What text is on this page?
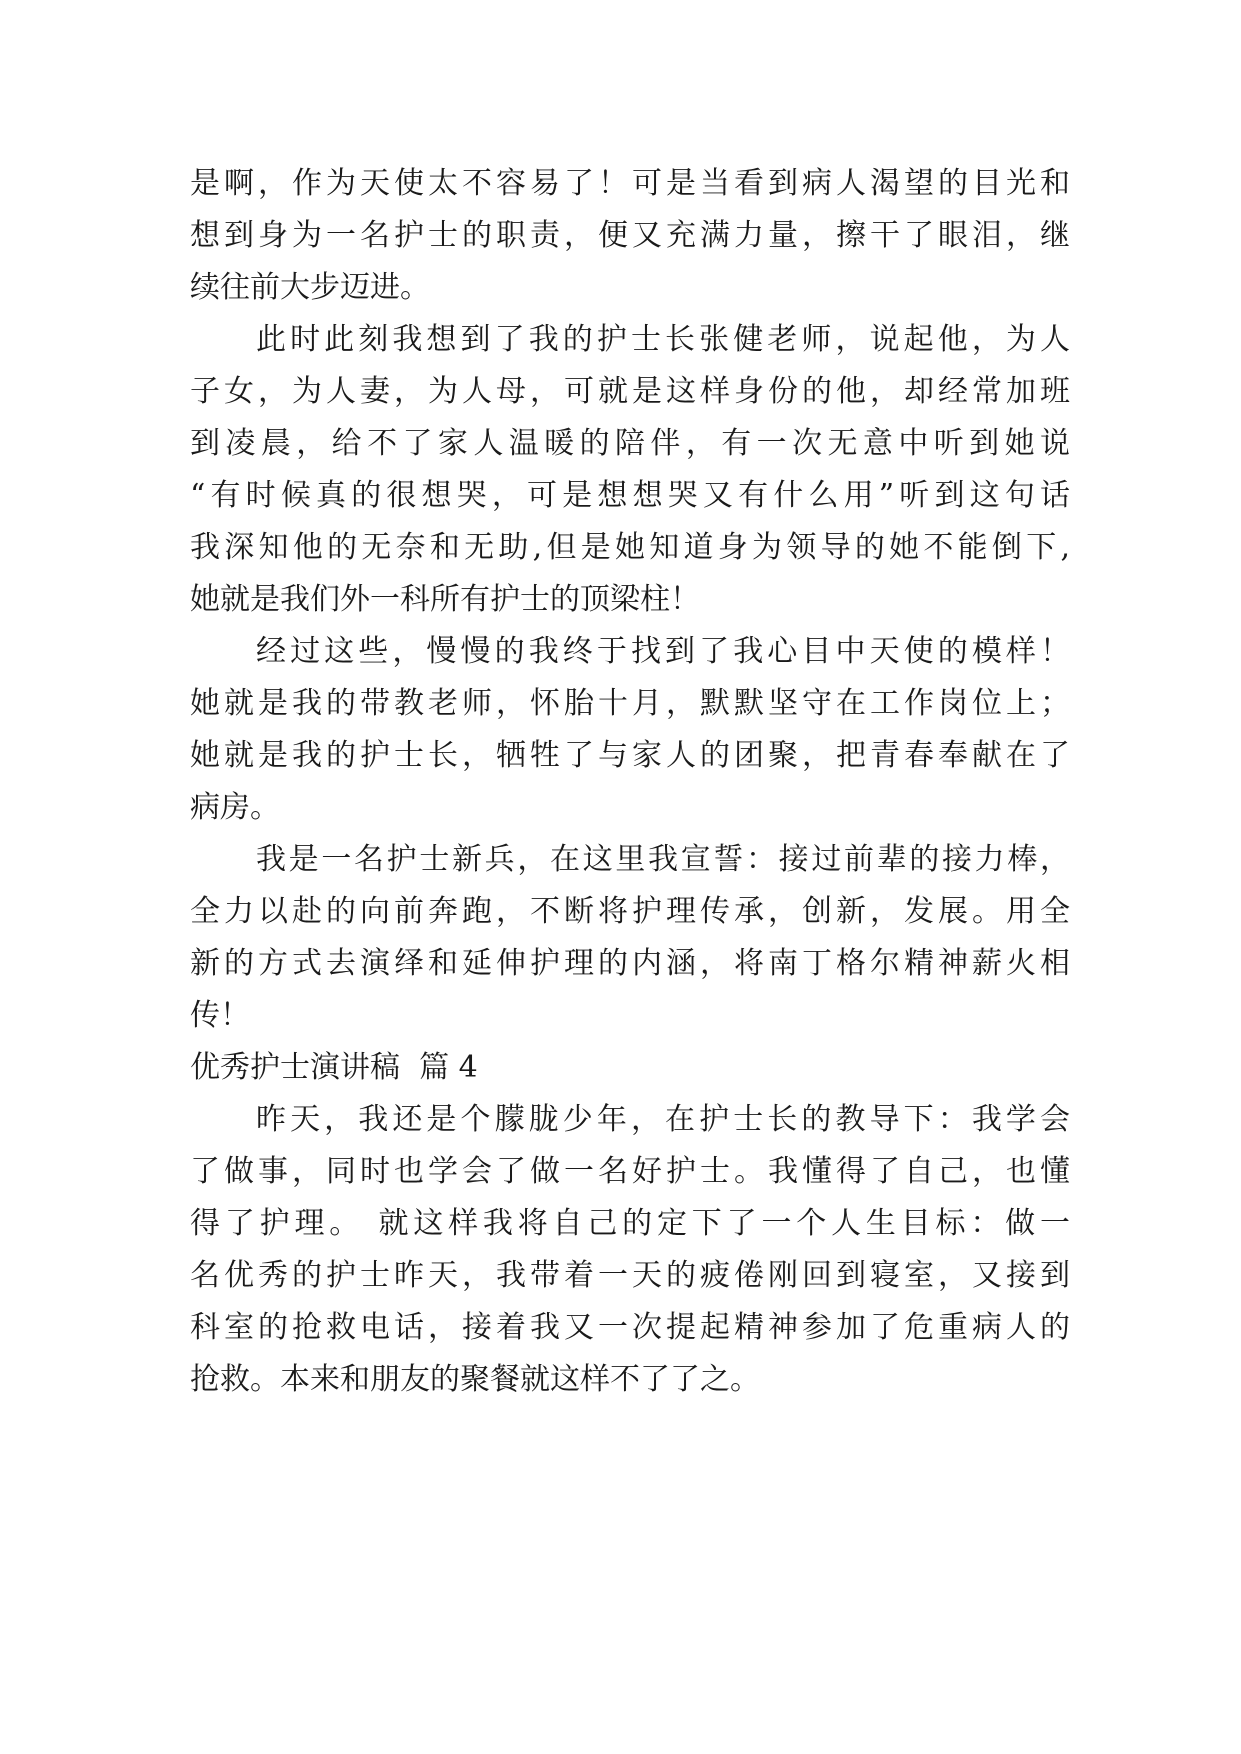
是啊，作为天使太不容易了！可是当看到病人渴望的目光和
想到身为一名护士的职责，便又充满力量，擦干了眼泪，继
续往前大步迈进。
此时此刻我想到了我的护士长张健老师，说起他，为人
子女，为人妻，为人母，可就是这样身份的他，却经常加班
到凌晨，给不了家人温暖的陪伴，有一次无意中听到她说
“有时候真的很想哭，可是想想哭又有什么用”听到这句话
我深知他的无奈和无助,但是她知道身为领导的她不能倒下,
她就是我们外一科所有护士的顶梁柱！
经过这些，慢慢的我终于找到了我心目中天使的模样！
她就是我的带教老师，怀胎十月，默默坚守在工作岗位上；
她就是我的护士长，牺牲了与家人的团聚，把青春奉献在了
病房。
我是一名护士新兵，在这里我宣誓：接过前辈的接力棒，
全力以赴的向前奔跑，不断将护理传承，创新，发展。用全
新的方式去演绎和延伸护理的内涵，将南丁格尔精神薪火相
传！
优秀护士演讲稿  篇 4
昨天，我还是个朦胧少年，在护士长的教导下：我学会
了做事，同时也学会了做一名好护士。我懂得了自己，也懂
得了护理。 就这样我将自己的定下了一个人生目标：做一
名优秀的护士昨天，我带着一天的疲倦刚回到寝室，又接到
科室的抢救电话，接着我又一次提起精神参加了危重病人的
抢救。本来和朋友的聚餐就这样不了了之。
